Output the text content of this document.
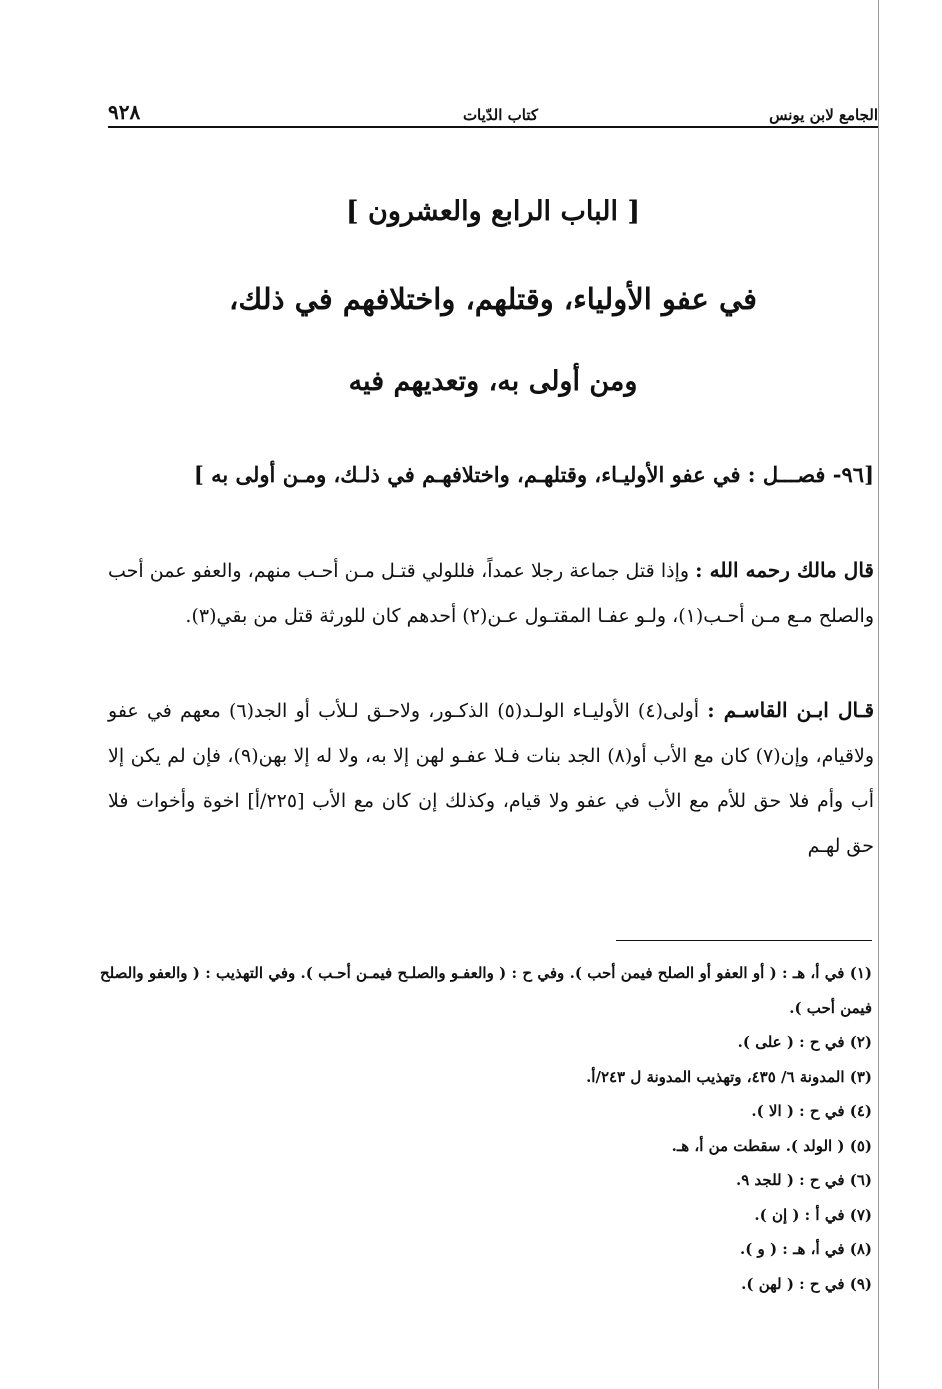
الجامع لابن يونس
كتاب الدّيات
٩٢٨
[ الباب الرابع والعشرون ]
في عفو الأولياء، وقتلهم، واختلافهم في ذلك،
ومن أولى به، وتعديهم فيه
[٩٦- فصـــل : في عفو الأوليـاء، وقتلهـم، واختلافهـم في ذلـك، ومـن أولى به ]
قال مالك رحمه الله : وإذا قتل جماعة رجلا عمداً، فللولي قتـل مـن أحـب منهم، والعفو عمن أحب والصلح مـع مـن أحـب(١)، ولـو عفـا المقتـول عـن(٢) أحدهم كان للورثة قتل من بقي(٣).
قـال ابـن القاسـم : أولى(٤) الأوليـاء الولـد(٥) الذكـور، ولاحـق لـلأب أو الجد(٦) معهم في عفو ولاقيام، وإن(٧) كان مع الأب أو(٨) الجد بنات فـلا عفـو لهن إلا به، ولا له إلا بهن(٩)، فإن لم يكن إلا أب وأم فلا حق للأم مع الأب في عفو ولا قيام، وكذلك إن كان مع الأب [٢٢٥/أ] اخوة وأخوات فلا حق لهـم
(١) في أ، هـ : ( أو العفو أو الصلح فيمن أحب ). وفي ح : ( والعفـو والصلـح فيمـن أحـب ). وفي التهذيب : ( والعفو والصلح فيمن أحب ).
(٢) في ح : ( على ).
(٣) المدونة ٦/ ٤٣٥، وتهذيب المدونة ل ٢٤٣/أ.
(٤) في ح : ( الا ).
(٥) ( الولد ). سقطت من أ، هـ.
(٦) في ح : ( للجد ٩.
(٧) في أ : ( إن ).
(٨) في أ، هـ : ( و ).
(٩) في ح : ( لهن ).
